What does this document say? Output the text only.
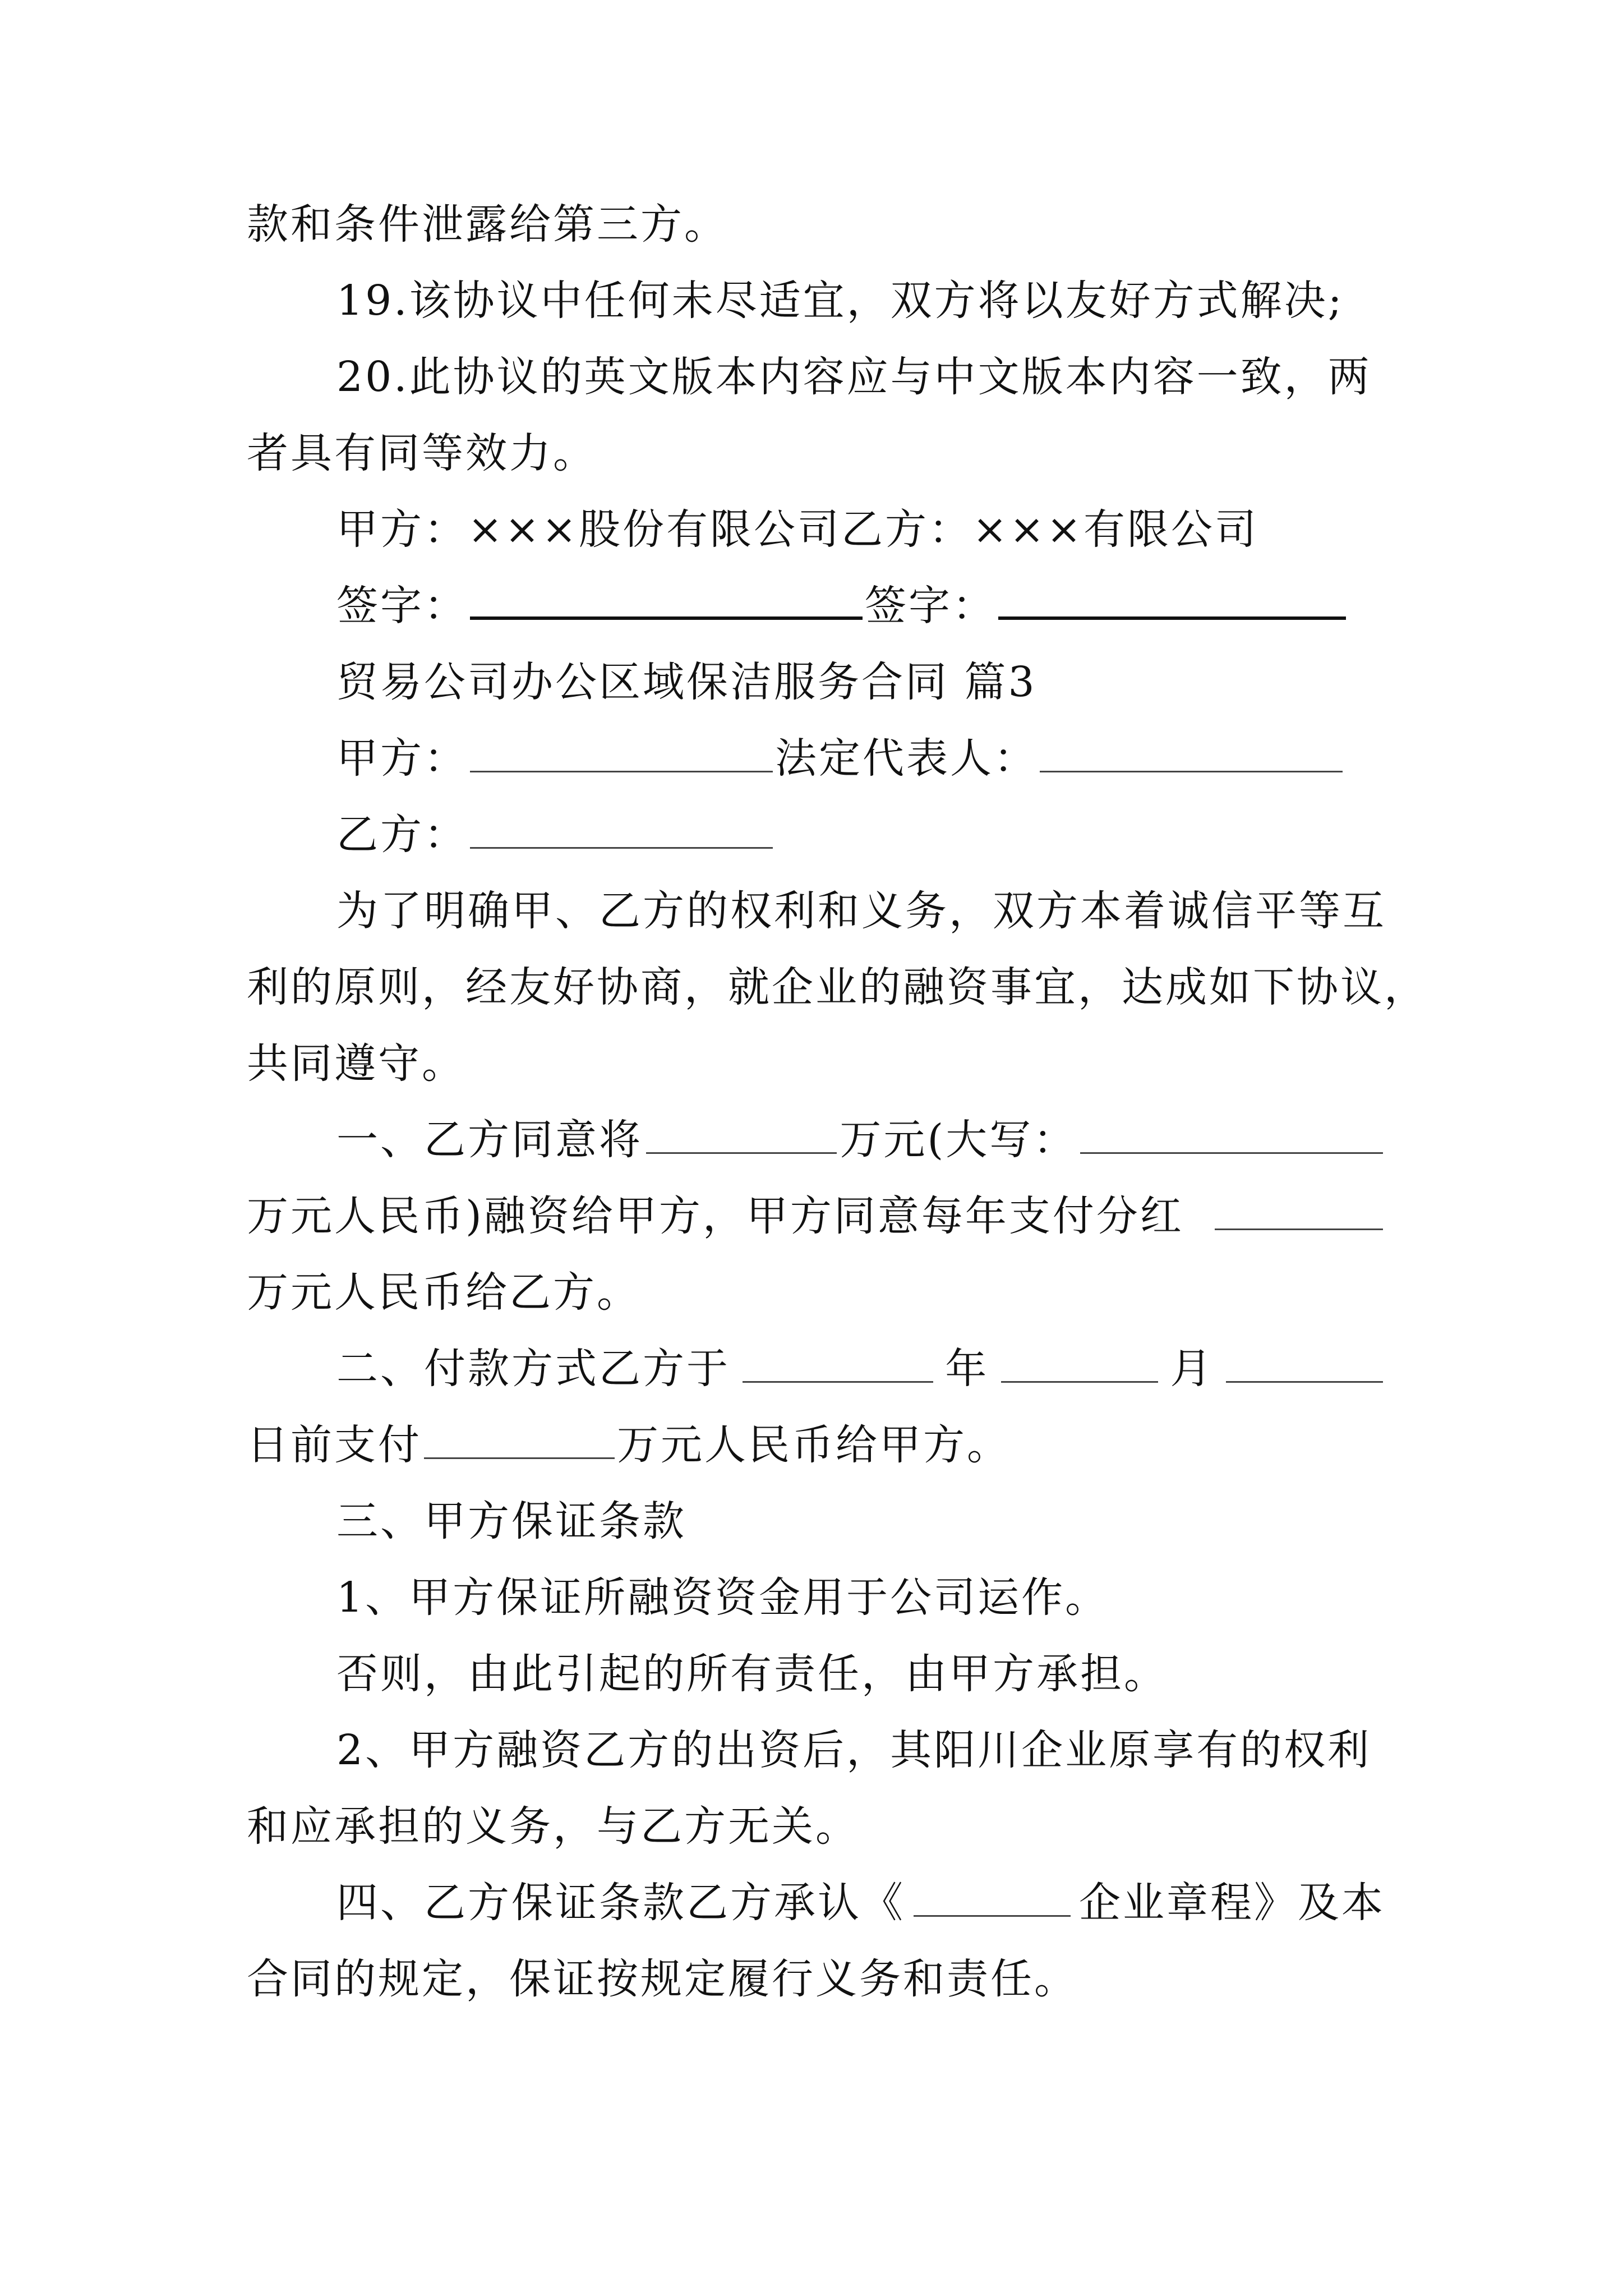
款和条件泄露给第三方。
19.该协议中任何未尽适宜，双方将以友好方式解决;
20.此协议的英文版本内容应与中文版本内容一致，两
者具有同等效力。
甲方：×××股份有限公司乙方：×××有限公司
签字：	签字：
贸易公司办公区域保洁服务合同 篇3
甲方：	法定代表人：
乙方：
为了明确甲、乙方的权利和义务，双方本着诚信平等互
利的原则，经友好协商，就企业的融资事宜，达成如下协议，
共同遵守。
一、乙方同意将	万元(大写：
万元人民币)融资给甲方，甲方同意每年支付分红
万元人民币给乙方。
二、付款方式乙方于	年	月
日前支付	万元人民币给甲方。
三、甲方保证条款
1、甲方保证所融资资金用于公司运作。
否则，由此引起的所有责任，由甲方承担。
2、甲方融资乙方的出资后，其阳川企业原享有的权利
和应承担的义务，与乙方无关。
四、乙方保证条款乙方承认《	企业章程》及本
合同的规定，保证按规定履行义务和责任。
